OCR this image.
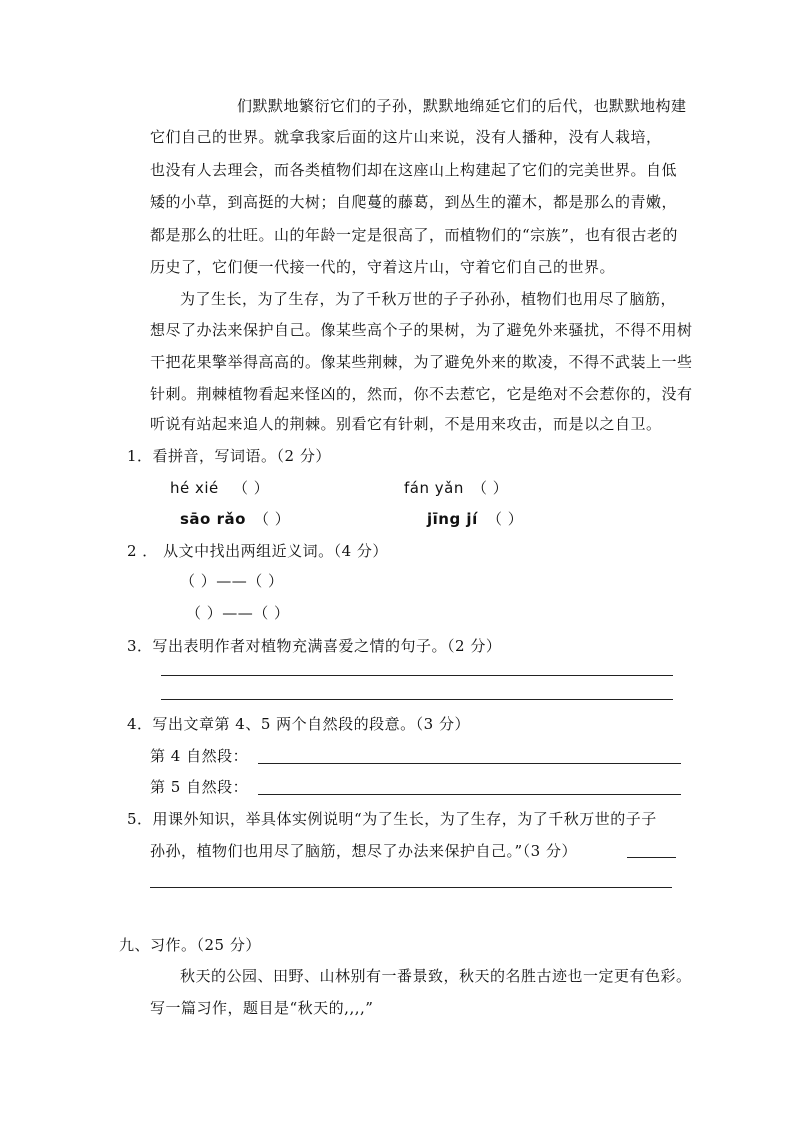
们默默地繁衍它们的子孙，默默地绵延它们的后代，也默默地构建
它们自己的世界。就拿我家后面的这片山来说，没有人播种，没有人栽培，
也没有人去理会，而各类植物们却在这座山上构建起了它们的完美世界。自低
矮的小草，到高挺的大树；自爬蔓的藤葛，到丛生的灌木，都是那么的青嫩，
都是那么的壮旺。山的年龄一定是很高了，而植物们的“宗族”，也有很古老的
历史了，它们便一代接一代的，守着这片山，守着它们自己的世界。
为了生长，为了生存，为了千秋万世的子子孙孙，植物们也用尽了脑筋，
想尽了办法来保护自己。像某些高个子的果树，为了避免外来骚扰，不得不用树
干把花果擎举得高高的。像某些荆棘，为了避免外来的欺凌，不得不武装上一些
针刺。荆棘植物看起来怪凶的，然而，你不去惹它，它是绝对不会惹你的，没有
听说有站起来追人的荆棘。别看它有针刺，不是用来攻击，而是以之自卫。
1．看拼音，写词语。（2 分）
hé xié （ ）	fán yǎn （ ）
sāo rǎo （ ）	jīng jí （ ）
2 ． 从文中找出两组近义词。（4 分）
（ ）——（ ）
（ ）——（ ）
3．写出表明作者对植物充满喜爱之情的句子。（2 分）
4．写出文章第 4、5 两个自然段的段意。（3 分）
第 4 自然段：
第 5 自然段：
5．用课外知识，举具体实例说明“为了生长，为了生存，为了千秋万世的子子
孙孙，植物们也用尽了脑筋，想尽了办法来保护自己。”（3 分）
九、习作。（25 分）
秋天的公园、田野、山林别有一番景致，秋天的名胜古迹也一定更有色彩。
写一篇习作，题目是“秋天的,,,,”
